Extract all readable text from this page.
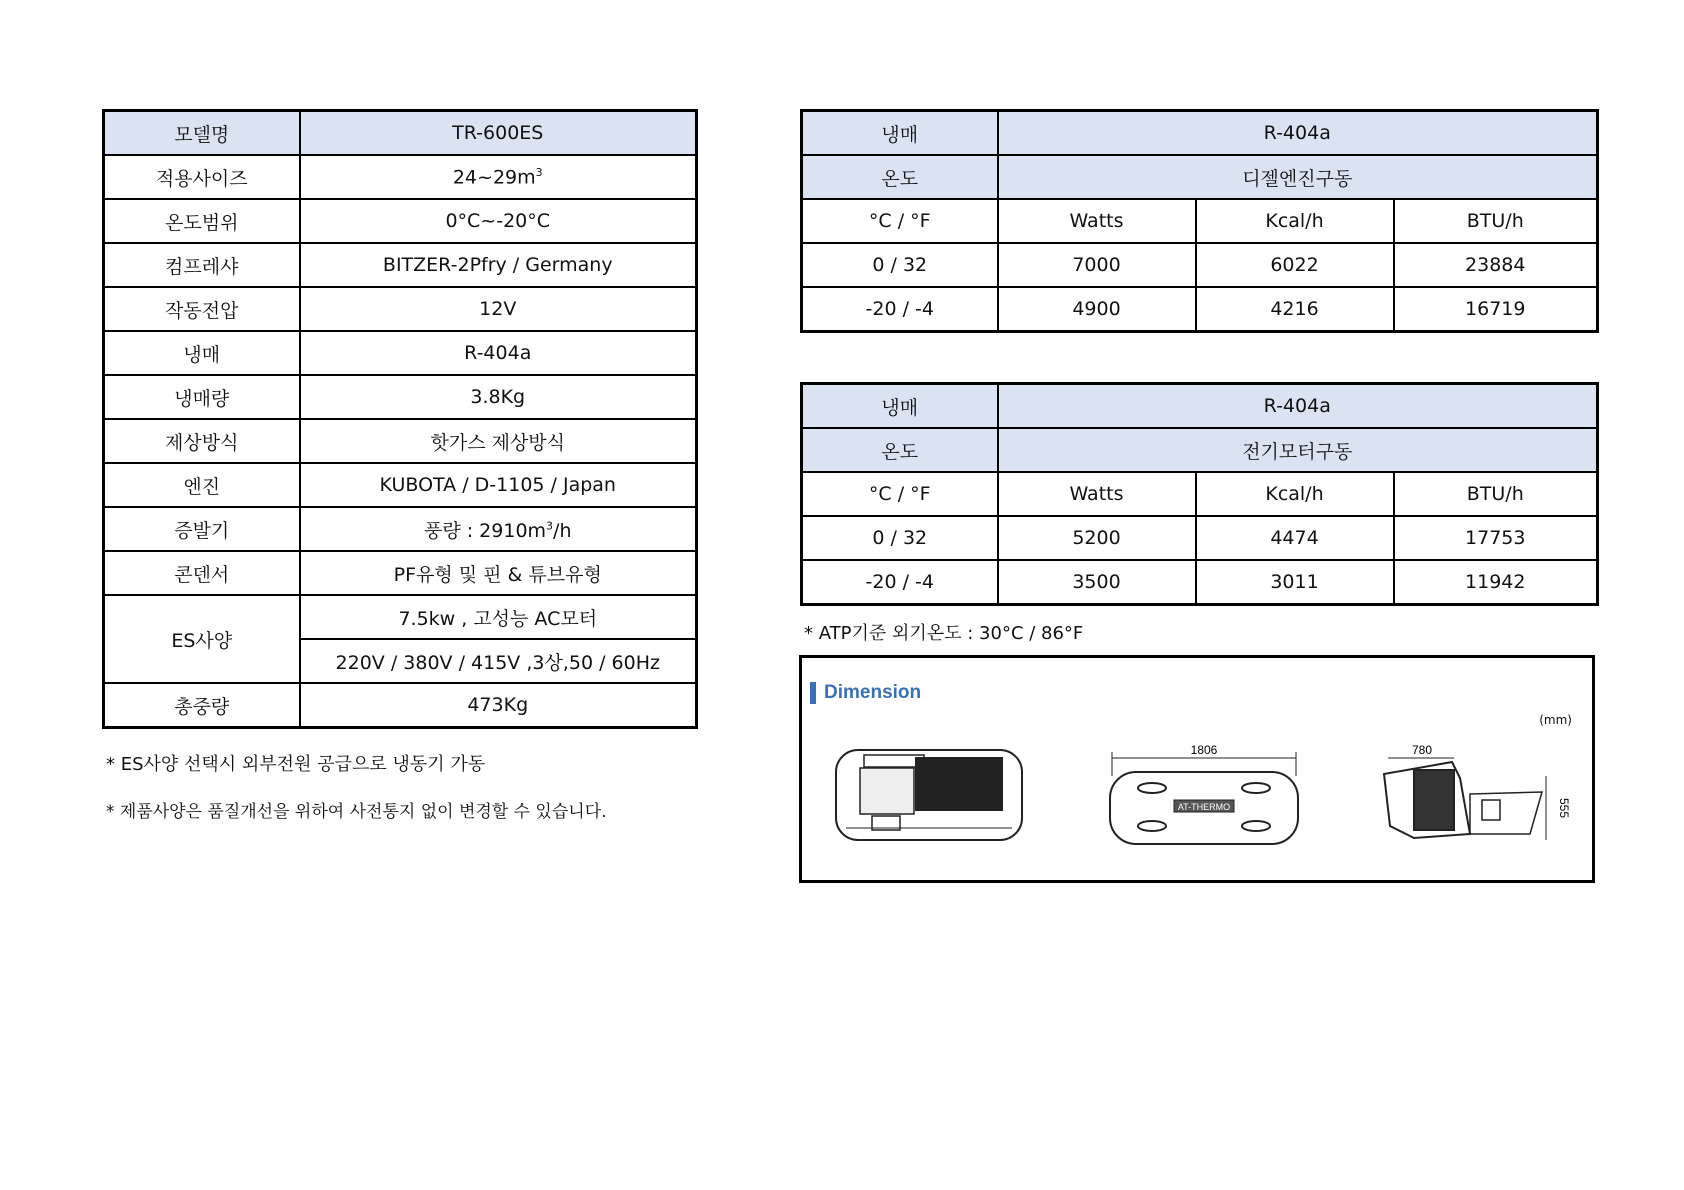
모델명	TR-600ES
적용사이즈	$24\sim 29m^3$
온도범위	0°C~-20°C
컴프레샤	BITZER-2Pfry / Germany
작동전압	12V
냉매	R-404a
냉매량	3.8Kg
제상방식	핫가스 제상방식
엔진	KUBOTA / D-1105 / Japan
증발기	풍량 : $2910m^3/h$
콘덴서	PF유형 및 핀 & 튜브유형
ES사양	7.5kw , 고성능 AC모터
	220V / 380V / 415V ,3상,50 / 60Hz
총중량	473Kg
* ES사양 선택시 외부전원 공급으로 냉동기 가동
* 제품사양은 품질개선을 위하여 사전통지 없이 변경할 수 있습니다.
냉매	R-404a		
온도	디젤엔진구동		
°C / °F	Watts	Kcal/h	BTU/h
0 / 32	7000	6022	23884
-20 / -4	4900	4216	16719
냉매	R-404a		
온도	전기모터구동		
°C / °F	Watts	Kcal/h	BTU/h
0 / 32	5200	4474	17753
-20 / -4	3500	3011	11942
* ATP기준 외기온도 : 30°C / 86°F
Dimension
(mm)
1806
AT-THERMO
780
555
